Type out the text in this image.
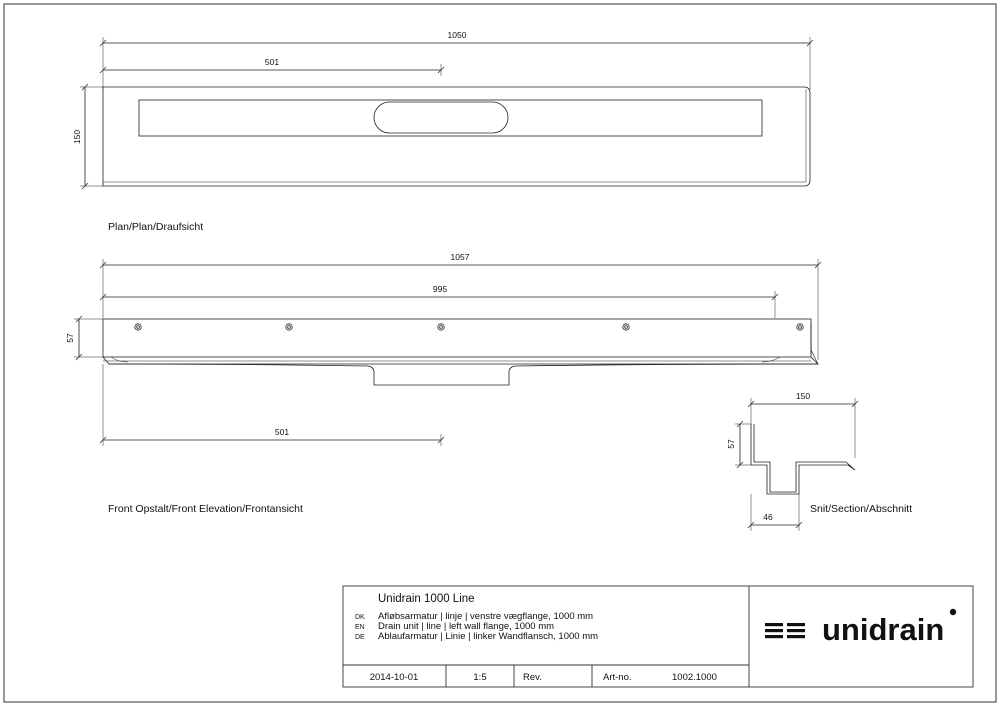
1050
501
150
Plan/Plan/Draufsicht
1057
995
57
501
Front Opstalt/Front Elevation/Frontansicht
150
57
46
Snit/Section/Abschnitt
Unidrain 1000 Line
DK Afløbsarmatur | linje | venstre vægflange, 1000 mm
EN Drain unit | line | left wall flange, 1000 mm
DE Ablaufarmatur | Linie | linker Wandflansch, 1000 mm
2014-10-01	1:5	Rev.	Art-no.	1002.1000
unidrain
